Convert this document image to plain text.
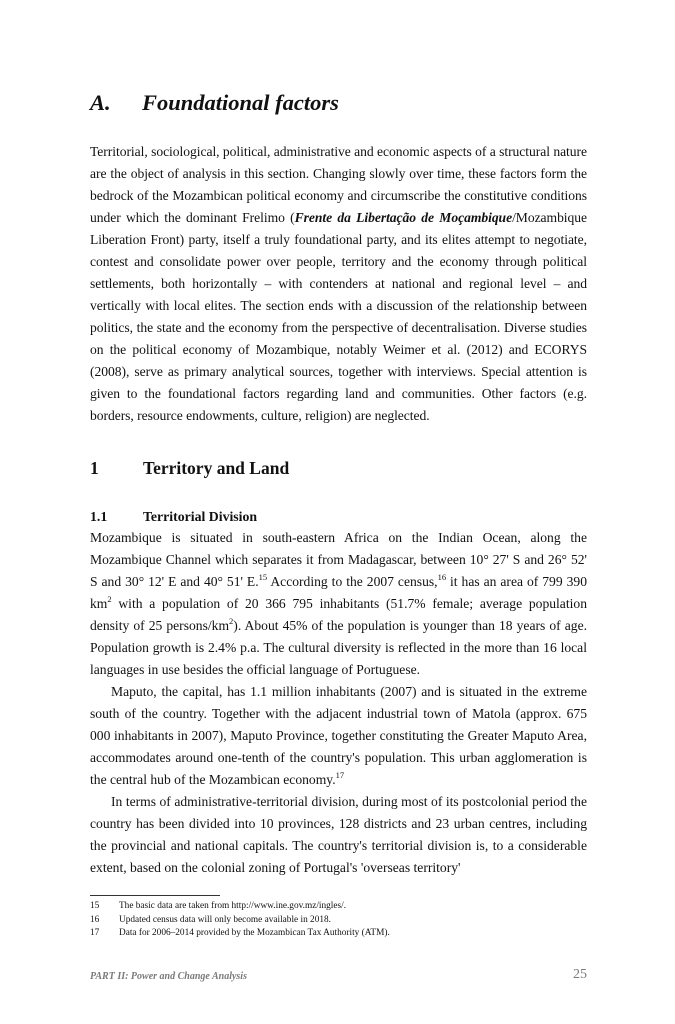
A. Foundational factors

Territorial, sociological, political, administrative and economic aspects of a structural nature are the object of analysis in this section. Changing slowly over time, these factors form the bedrock of the Mozambican political economy and circumscribe the constitutive conditions under which the dominant Frelimo (Frente da Libertação de Moçambique/Mozambique Liberation Front) party, itself a truly foundational party, and its elites attempt to negotiate, contest and consolidate power over people, territory and the economy through political settlements, both horizontally – with contenders at national and regional level – and vertically with local elites. The section ends with a discussion of the relationship between politics, the state and the economy from the perspective of decentralisation. Diverse studies on the political economy of Mozambique, notably Weimer et al. (2012) and ECORYS (2008), serve as primary analytical sources, together with interviews. Special attention is given to the foundational factors regarding land and communities. Other factors (e.g. borders, resource endowments, culture, religion) are neglected.

1	Territory and Land
1.1	Territorial Division

Mozambique is situated in south-eastern Africa on the Indian Ocean, along the Mozambique Channel which separates it from Madagascar, between 10° 27' S and 26° 52' S and 30° 12' E and 40° 51' E.$^{15}$ According to the 2007 census,$^{16}$ it has an area of 799 390 $km^2$ with a population of 20 366 795 inhabitants (51.7% female; average population density of 25 persons/$km^2$). About 45% of the population is younger than 18 years of age. Population growth is 2.4% p.a. The cultural diversity is reflected in the more than 16 local languages in use besides the official language of Portuguese.

Maputo, the capital, has 1.1 million inhabitants (2007) and is situated in the extreme south of the country. Together with the adjacent industrial town of Matola (approx. 675 000 inhabitants in 2007), Maputo Province, together constituting the Greater Maputo Area, accommodates around one-tenth of the country's population. This urban agglomeration is the central hub of the Mozambican economy.$^{17}$

In terms of administrative-territorial division, during most of its postcolonial period the country has been divided into 10 provinces, 128 districts and 23 urban centres, including the provincial and national capitals. The country's territorial division is, to a considerable extent, based on the colonial zoning of Portugal's 'overseas territory'

15 The basic data are taken from http://www.ine.gov.mz/ingles/.
16 Updated census data will only become available in 2018.
17 Data for 2006–2014 provided by the Mozambican Tax Authority (ATM).
PART II: Power and Change Analysis	25
